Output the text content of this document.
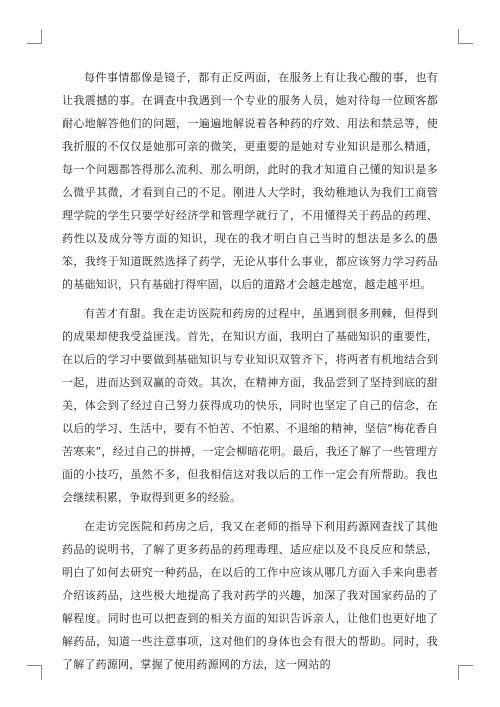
每件事情都像是镜子，都有正反两面，在服务上有让我心酸的事，也有让我震撼的事。在调查中我遇到一个专业的服务人员，她对待每一位顾客都耐心地解答他们的问题，一遍遍地解说着各种药的疗效、用法和禁忌等，使我折服的不仅仅是她那可亲的微笑，更重要的是她对专业知识是那么精通，每一个问题都答得那么流利、那么明朗，此时的我才知道自己懂的知识是多么微乎其微，才看到自己的不足。刚进人大学时，我幼稚地认为我们工商管理学院的学生只要学好经济学和管理学就行了，不用懂得关于药品的药理、药性以及成分等方面的知识，现在的我才明白自己当时的想法是多么的愚笨，我终于知道既然选择了药学，无论从事什么事业，都应该努力学习药品的基础知识，只有基础打得牢固，以后的道路才会越走越宽，越走越平坦。

有苦才有甜。我在走访医院和药房的过程中，虽遇到很多荆棘，但得到的成果却使我受益匪浅。首先，在知识方面，我明白了基础知识的重要性，在以后的学习中要做到基础知识与专业知识双管齐下，将两者有机地结合到一起，进而达到双赢的奇效。其次，在精神方面，我品尝到了坚持到底的甜美，体会到了经过自己努力获得成功的快乐，同时也坚定了自己的信念，在以后的学习、生活中，要有不怕苦、不怕累、不退缩的精神，坚信“梅花香自苦寒来”，经过自己的拼搏，一定会柳暗花明。最后，我还了解了一些管理方面的小技巧，虽然不多，但我相信这对我以后的工作一定会有所帮助。我也会继续积累，争取得到更多的经验。

在走访完医院和药房之后，我又在老师的指导下利用药源网查找了其他药品的说明书，了解了更多药品的药理毒理、适应症以及不良反应和禁忌，明白了如何去研究一种药品，在以后的工作中应该从哪几方面入手来向患者介绍该药品，这些极大地提高了我对药学的兴趣，加深了我对国家药品的了解程度。同时也可以把查到的相关方面的知识告诉亲人，让他们也更好地了解药品，知道一些注意事项，这对他们的身体也会有很大的帮助。同时，我了解了药源网，掌握了使用药源网的方法，这一网站的
